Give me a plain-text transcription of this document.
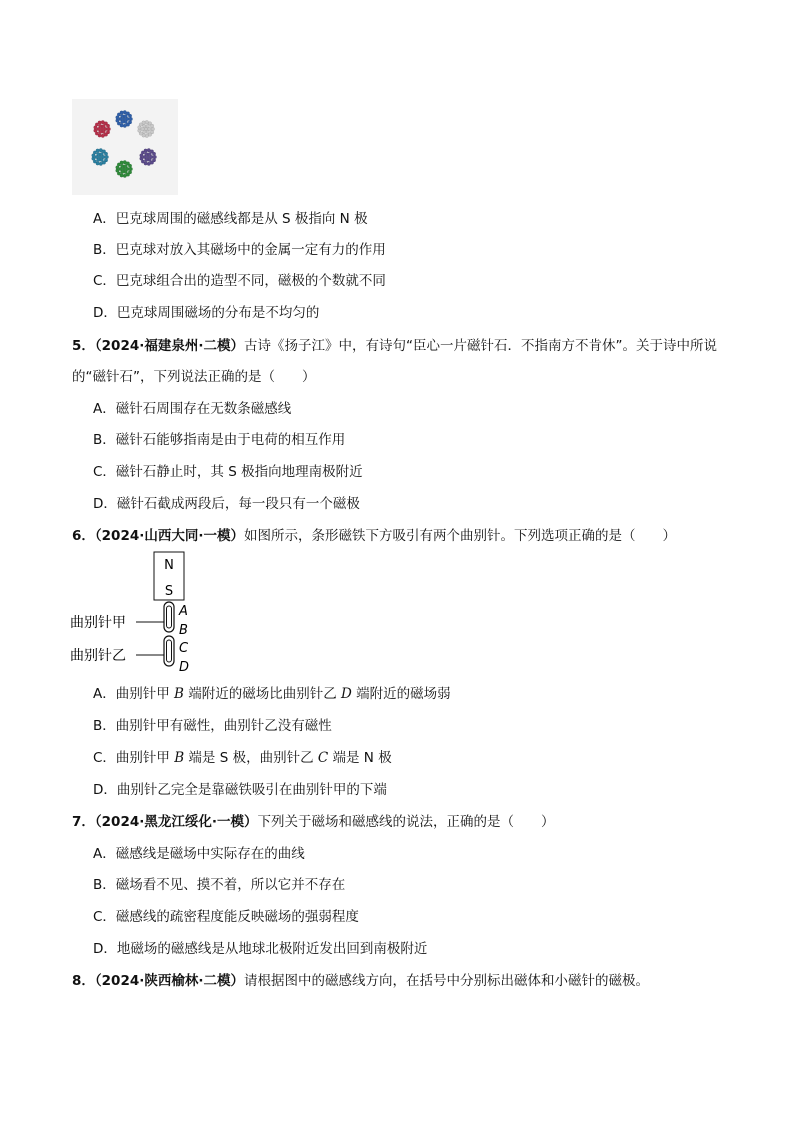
A．巴克球周围的磁感线都是从 S 极指向 N 极
B．巴克球对放入其磁场中的金属一定有力的作用
C．巴克球组合出的造型不同，磁极的个数就不同
D．巴克球周围磁场的分布是不均匀的
5．（2024·福建泉州·二模）古诗《扬子江》中，有诗句“臣心一片磁针石．不指南方不肯休”。关于诗中所说
的“磁针石”，下列说法正确的是（　　）
A．磁针石周围存在无数条磁感线
B．磁针石能够指南是由于电荷的相互作用
C．磁针石静止时，其 S 极指向地理南极附近
D．磁针石截成两段后，每一段只有一个磁极
6．（2024·山西大同·一模）如图所示，条形磁铁下方吸引有两个曲别针。下列选项正确的是（　　）
N
S
曲别针甲
曲别针乙
A
B
C
D
A．曲别针甲 B 端附近的磁场比曲别针乙 D 端附近的磁场弱
B．曲别针甲有磁性，曲别针乙没有磁性
C．曲别针甲 B 端是 S 极，曲别针乙 C 端是 N 极
D．曲别针乙完全是靠磁铁吸引在曲别针甲的下端
7．（2024·黑龙江绥化·一模）下列关于磁场和磁感线的说法，正确的是（　　）
A．磁感线是磁场中实际存在的曲线
B．磁场看不见、摸不着，所以它并不存在
C．磁感线的疏密程度能反映磁场的强弱程度
D．地磁场的磁感线是从地球北极附近发出回到南极附近
8．（2024·陕西榆林·二模）请根据图中的磁感线方向，在括号中分别标出磁体和小磁针的磁极。
